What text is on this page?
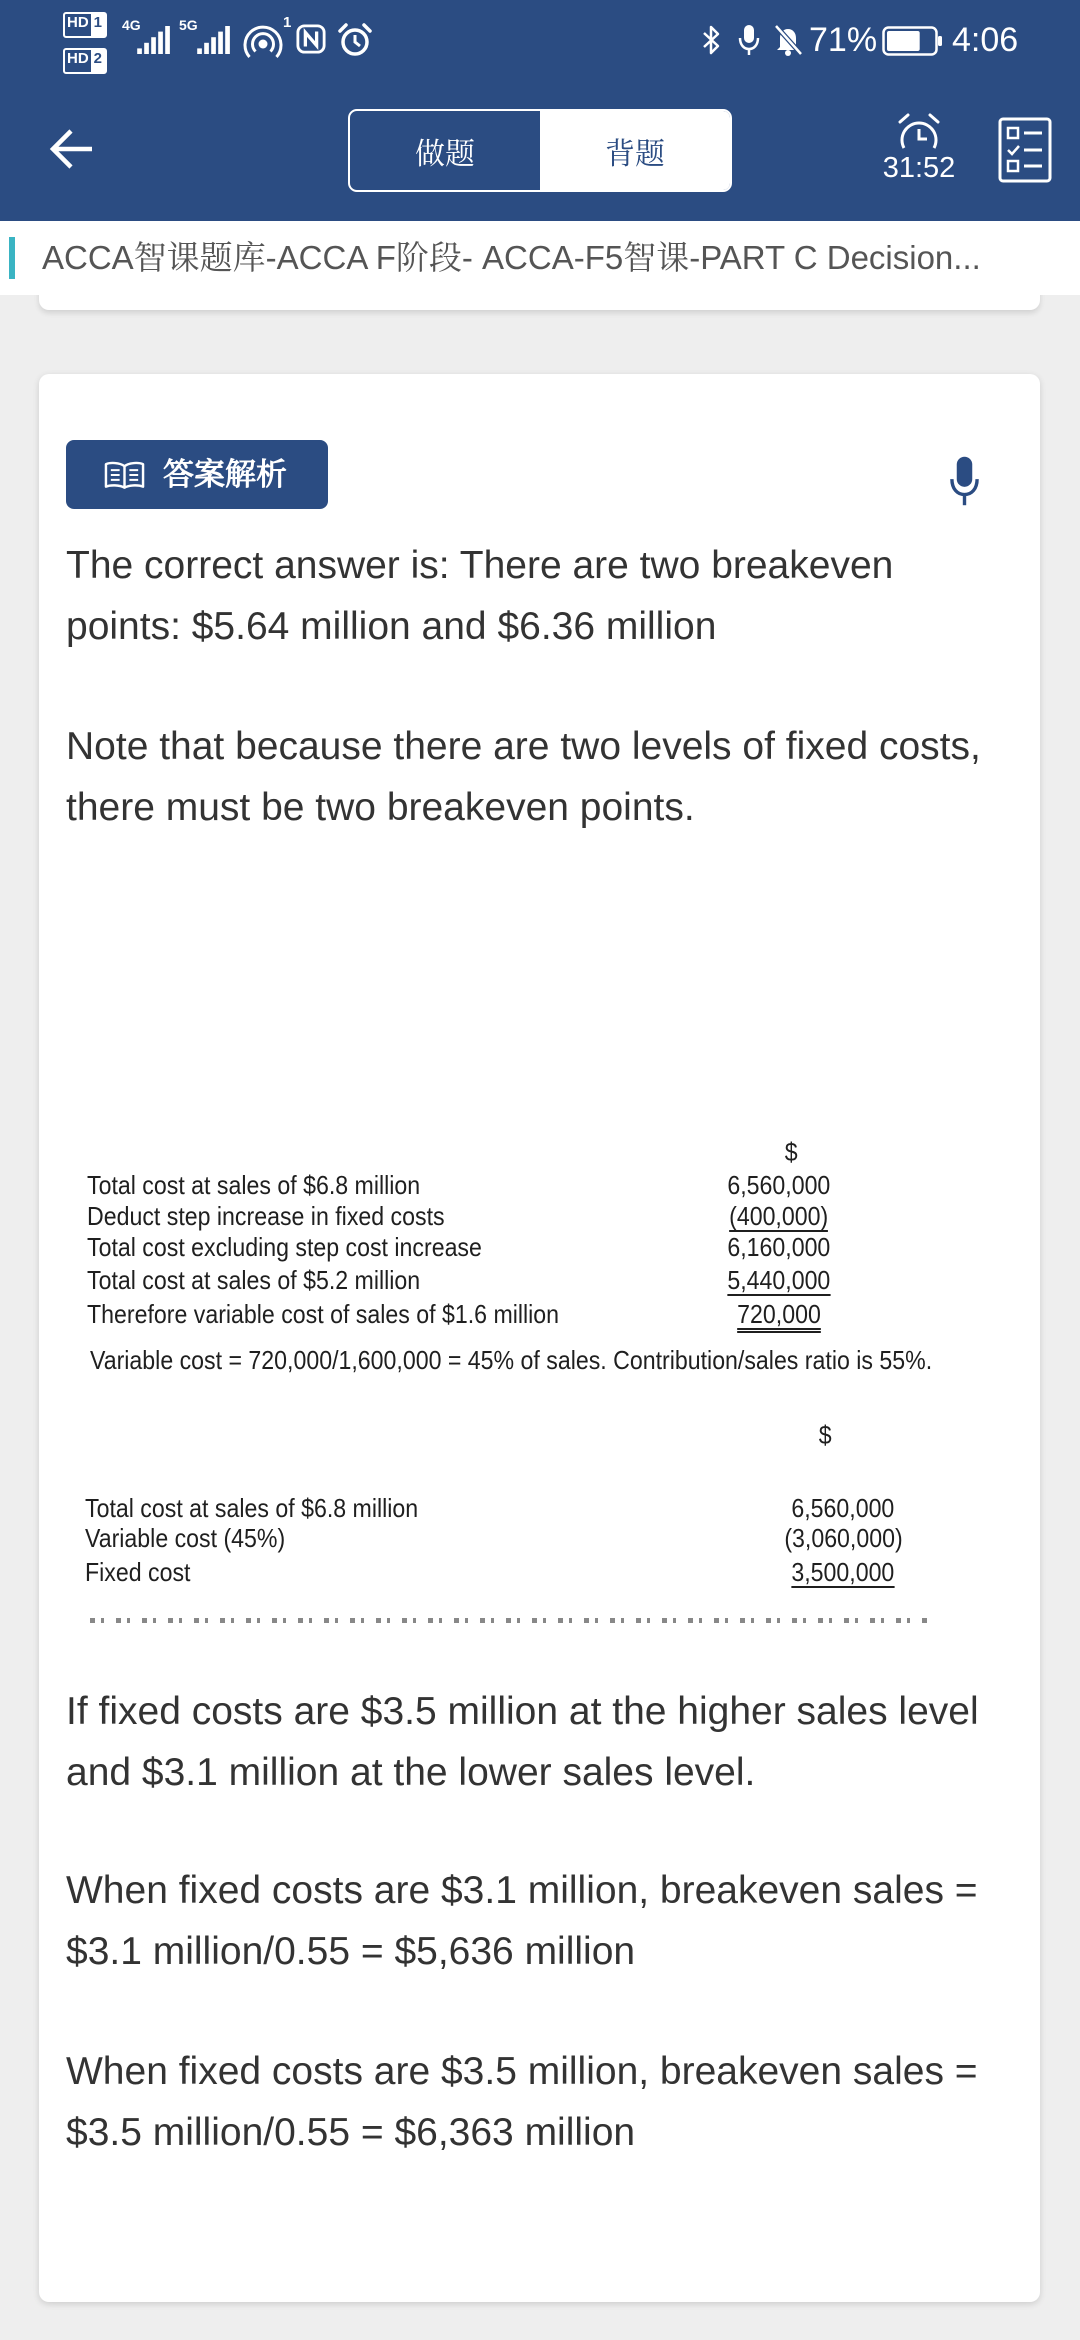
HD 1
HD 2
4G	5G	1	71% 4:06
做题	背题	31:52
ACCA智课题库-ACCA F阶段- ACCA-F5智课-PART C Decision...
答案解析

The correct answer is: There are two breakeven points: $5.64 million and $6.36 million

Note that because there are two levels of fixed costs, there must be two breakeven points.

$
Total cost at sales of $6.8 million	6,560,000
Deduct step increase in fixed costs	(400,000)
Total cost excluding step cost increase	6,160,000
Total cost at sales of $5.2 million	5,440,000
Therefore variable cost of sales of $1.6 million	720,000
Variable cost = 720,000/1,600,000 = 45% of sales. Contribution/sales ratio is 55%.
$
Total cost at sales of $6.8 million	6,560,000
Variable cost (45%)	(3,060,000)
Fixed cost	3,500,000

If fixed costs are $3.5 million at the higher sales level and $3.1 million at the lower sales level.

When fixed costs are $3.1 million, breakeven sales = $3.1 million/0.55 = $5,636 million

When fixed costs are $3.5 million, breakeven sales = $3.5 million/0.55 = $6,363 million
